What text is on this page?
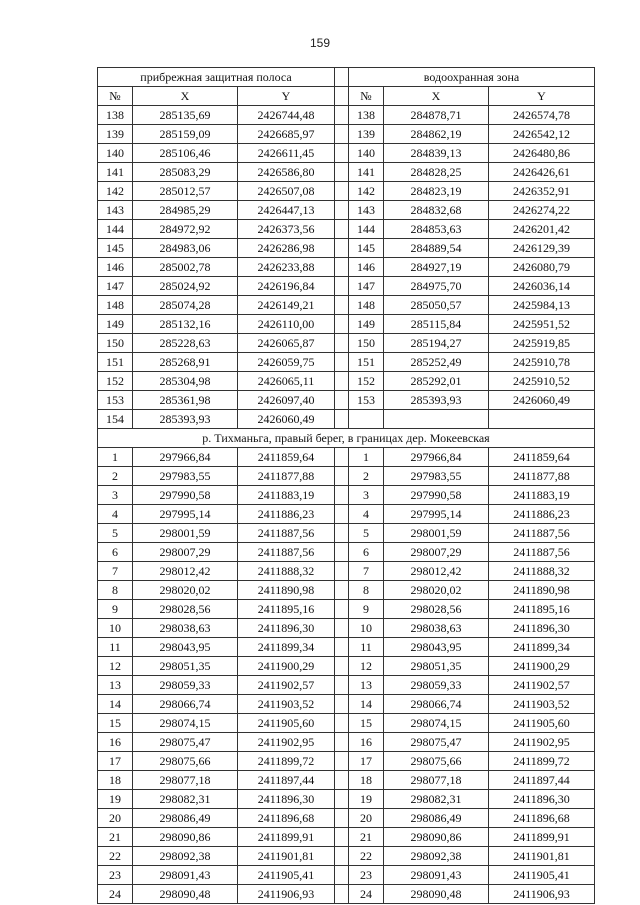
159
прибрежная защитная полоса				водоохранная зона		
№	X	Y		№	X	Y
138	285135,69	2426744,48		138	284878,71	2426574,78
139	285159,09	2426685,97		139	284862,19	2426542,12
140	285106,46	2426611,45		140	284839,13	2426480,86
141	285083,29	2426586,80		141	284828,25	2426426,61
142	285012,57	2426507,08		142	284823,19	2426352,91
143	284985,29	2426447,13		143	284832,68	2426274,22
144	284972,92	2426373,56		144	284853,63	2426201,42
145	284983,06	2426286,98		145	284889,54	2426129,39
146	285002,78	2426233,88		146	284927,19	2426080,79
147	285024,92	2426196,84		147	284975,70	2426036,14
148	285074,28	2426149,21		148	285050,57	2425984,13
149	285132,16	2426110,00		149	285115,84	2425951,52
150	285228,63	2426065,87		150	285194,27	2425919,85
151	285268,91	2426059,75		151	285252,49	2425910,78
152	285304,98	2426065,11		152	285292,01	2425910,52
153	285361,98	2426097,40		153	285393,93	2426060,49
154	285393,93	2426060,49				
р. Тихманьга, правый берег, в границах дер. Мокеевская						
1	297966,84	2411859,64		1	297966,84	2411859,64
2	297983,55	2411877,88		2	297983,55	2411877,88
3	297990,58	2411883,19		3	297990,58	2411883,19
4	297995,14	2411886,23		4	297995,14	2411886,23
5	298001,59	2411887,56		5	298001,59	2411887,56
6	298007,29	2411887,56		6	298007,29	2411887,56
7	298012,42	2411888,32		7	298012,42	2411888,32
8	298020,02	2411890,98		8	298020,02	2411890,98
9	298028,56	2411895,16		9	298028,56	2411895,16
10	298038,63	2411896,30		10	298038,63	2411896,30
11	298043,95	2411899,34		11	298043,95	2411899,34
12	298051,35	2411900,29		12	298051,35	2411900,29
13	298059,33	2411902,57		13	298059,33	2411902,57
14	298066,74	2411903,52		14	298066,74	2411903,52
15	298074,15	2411905,60		15	298074,15	2411905,60
16	298075,47	2411902,95		16	298075,47	2411902,95
17	298075,66	2411899,72		17	298075,66	2411899,72
18	298077,18	2411897,44		18	298077,18	2411897,44
19	298082,31	2411896,30		19	298082,31	2411896,30
20	298086,49	2411896,68		20	298086,49	2411896,68
21	298090,86	2411899,91		21	298090,86	2411899,91
22	298092,38	2411901,81		22	298092,38	2411901,81
23	298091,43	2411905,41		23	298091,43	2411905,41
24	298090,48	2411906,93		24	298090,48	2411906,93
